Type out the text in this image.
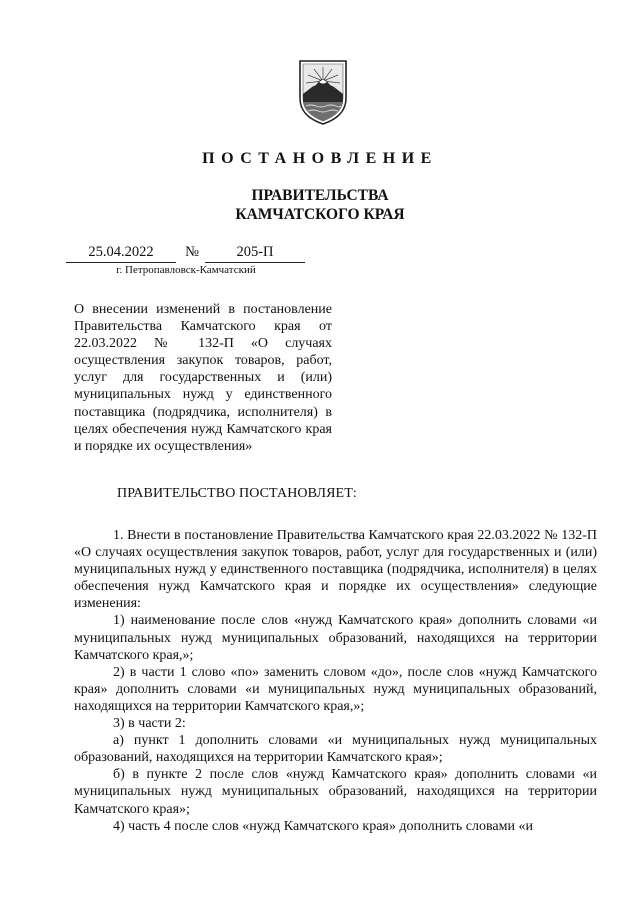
ПОСТАНОВЛЕНИЕ
ПРАВИТЕЛЬСТВА
КАМЧАТСКОГО КРАЯ
25.04.2022	№	205-П
г. Петропавловск-Камчатский
О внесении изменений в постановление Правительства Камчатского края от 22.03.2022 № 132-П «О случаях осуществления закупок товаров, работ, услуг для государственных и (или) муниципальных нужд у единственного поставщика (подрядчика, исполнителя) в целях обеспечения нужд Камчатского края и порядке их осуществления»
ПРАВИТЕЛЬСТВО ПОСТАНОВЛЯЕТ:

1. Внести в постановление Правительства Камчатского края 22.03.2022 № 132-П «О случаях осуществления закупок товаров, работ, услуг для государственных и (или) муниципальных нужд у единственного поставщика (подрядчика, исполнителя) в целях обеспечения нужд Камчатского края и порядке их осуществления» следующие изменения:

1) наименование после слов «нужд Камчатского края» дополнить словами «и муниципальных нужд муниципальных образований, находящихся на территории Камчатского края,»;

2) в части 1 слово «по» заменить словом «до», после слов «нужд Камчатского края» дополнить словами «и муниципальных нужд муниципальных образований, находящихся на территории Камчатского края,»;

3) в части 2:

а) пункт 1 дополнить словами «и муниципальных нужд муниципальных образований, находящихся на территории Камчатского края»;

б) в пункте 2 после слов «нужд Камчатского края» дополнить словами «и муниципальных нужд муниципальных образований, находящихся на территории Камчатского края»;

4) часть 4 после слов «нужд Камчатского края» дополнить словами «и
